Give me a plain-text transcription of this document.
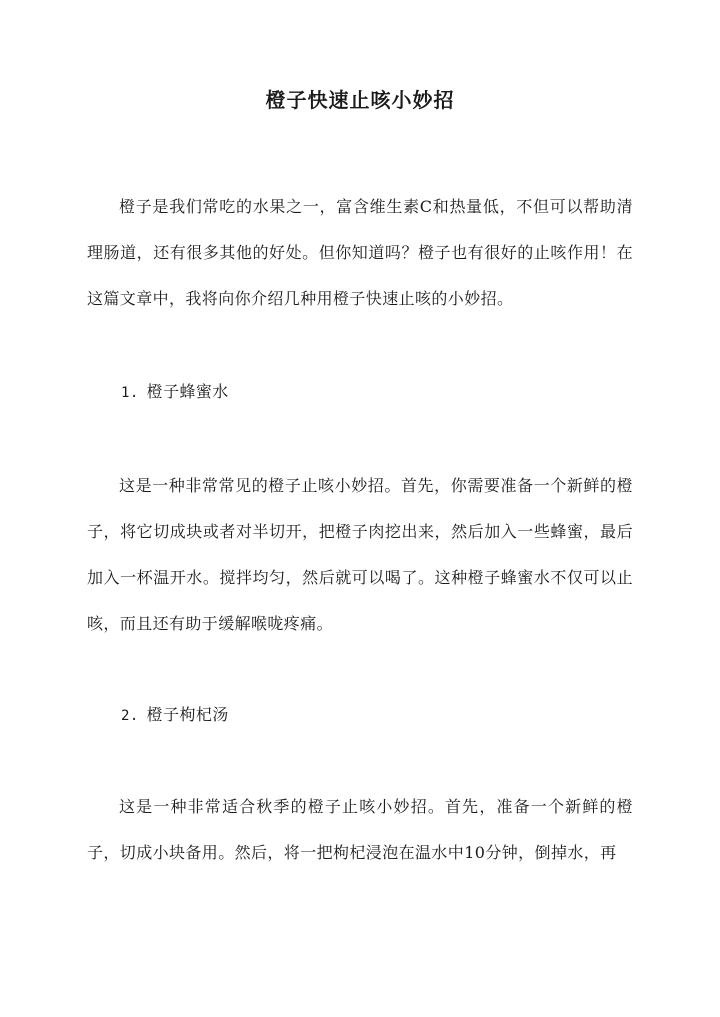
橙子快速止咳小妙招

橙子是我们常吃的水果之一，富含维生素C和热量低，不但可以帮助清理肠道，还有很多其他的好处。但你知道吗？橙子也有很好的止咳作用！在这篇文章中，我将向你介绍几种用橙子快速止咳的小妙招。

1. 橙子蜂蜜水

这是一种非常常见的橙子止咳小妙招。首先，你需要准备一个新鲜的橙子，将它切成块或者对半切开，把橙子肉挖出来，然后加入一些蜂蜜，最后加入一杯温开水。搅拌均匀，然后就可以喝了。这种橙子蜂蜜水不仅可以止咳，而且还有助于缓解喉咙疼痛。

2. 橙子枸杞汤

这是一种非常适合秋季的橙子止咳小妙招。首先，准备一个新鲜的橙子，切成小块备用。然后，将一把枸杞浸泡在温水中10分钟，倒掉水，再
